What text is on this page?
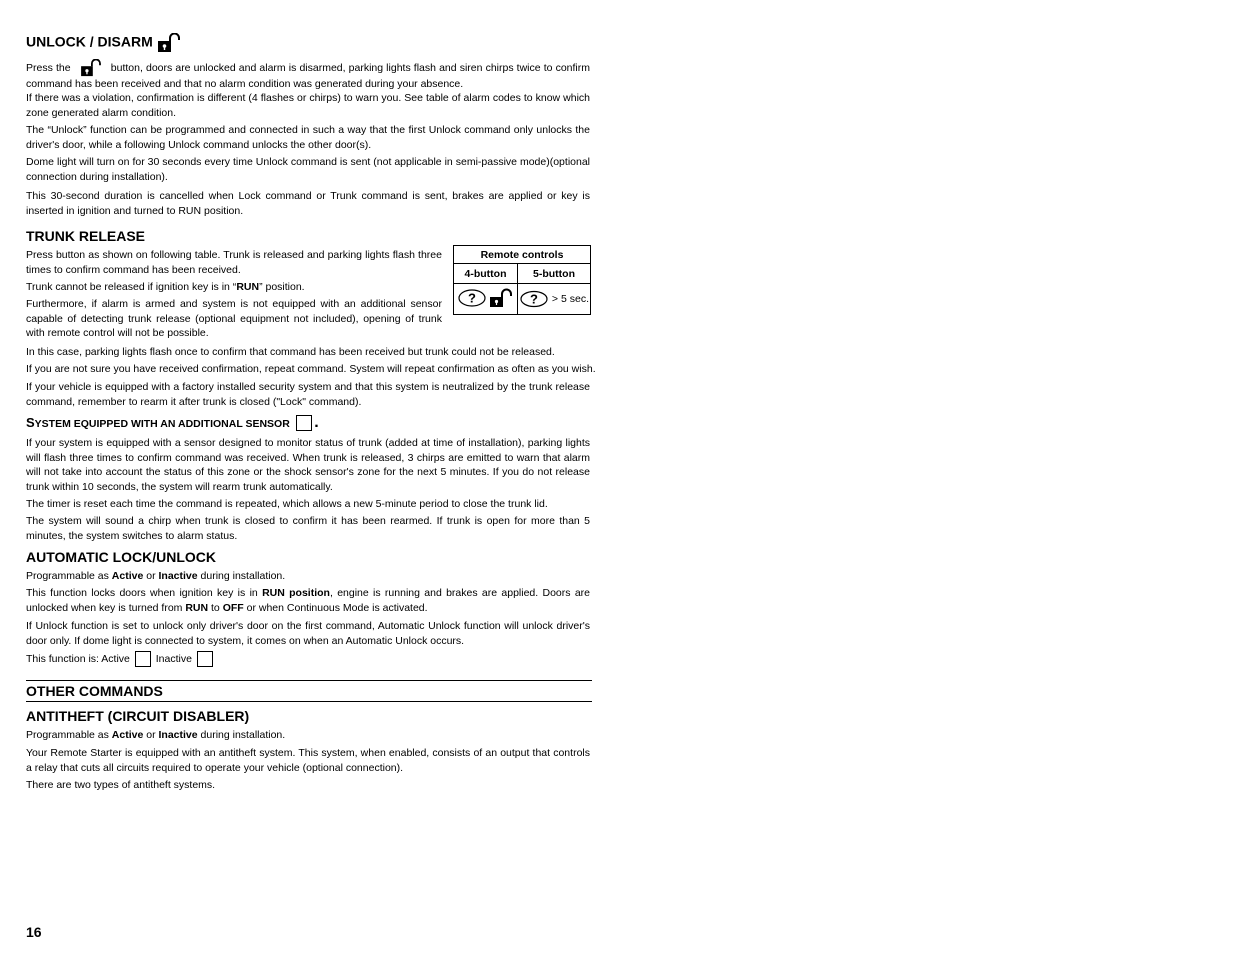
UNLOCK / DISARM
Press the	button, doors are unlocked and alarm is disarmed, parking lights flash and siren chirps twice to confirm command has been received and that no alarm condition was generated during your absence.
If there was a violation, confirmation is different (4 flashes or chirps) to warn you. See table of alarm codes to know which zone generated alarm condition.
The “Unlock” function can be programmed and connected in such a way that the first Unlock command only unlocks the driver's door, while a following Unlock command unlocks the other door(s).
Dome light will turn on for 30 seconds every time Unlock command is sent (not applicable in semi-passive mode)(optional connection during installation).
This 30-second duration is cancelled when Lock command or Trunk command is sent, brakes are applied or key is inserted in ignition and turned to RUN position.
TRUNK RELEASE
Press button as shown on following table. Trunk is released and parking lights flash three times to confirm command has been received.
Trunk cannot be released if ignition key is in “RUN” position.
Furthermore, if alarm is armed and system is not equipped with an additional sensor capable of detecting trunk release (optional equipment not included), opening of trunk with remote control will not be possible.
In this case, parking lights flash once to confirm that command has been received but trunk could not be released.
If you are not sure you have received confirmation, repeat command. System will repeat confirmation as often as you wish.
If your vehicle is equipped with a factory installed security system and that this system is neutralized by the trunk release command, remember to rearm it after trunk is closed ("Lock" command).
SYSTEM EQUIPPED WITH AN ADDITIONAL SENSOR .
If your system is equipped with a sensor designed to monitor status of trunk (added at time of installation), parking lights will flash three times to confirm command was received. When trunk is released, 3 chirps are emitted to warn that alarm will not take into account the status of this zone or the shock sensor's zone for the next 5 minutes. If you do not release trunk within 10 seconds, the system will rearm trunk automatically.
The timer is reset each time the command is repeated, which allows a new 5-minute period to close the trunk lid.
The system will sound a chirp when trunk is closed to confirm it has been rearmed. If trunk is open for more than 5 minutes, the system switches to alarm status.
AUTOMATIC LOCK/UNLOCK
Programmable as Active or Inactive during installation.
This function locks doors when ignition key is in RUN position, engine is running and brakes are applied. Doors are unlocked when key is turned from RUN to OFF or when Continuous Mode is activated.
If Unlock function is set to unlock only driver's door on the first command, Automatic Unlock function will unlock driver's door only. If dome light is connected to system, it comes on when an Automatic Unlock occurs.
This function is: Active Inactive
OTHER COMMANDS
ANTITHEFT (CIRCUIT DISABLER)
Programmable as Active or Inactive during installation.
Your Remote Starter is equipped with an antitheft system. This system, when enabled, consists of an output that controls a relay that cuts all circuits required to operate your vehicle (optional connection).
There are two types of antitheft systems.
Remote controls	
4-button	5-button

?	? > 5 sec.
16
